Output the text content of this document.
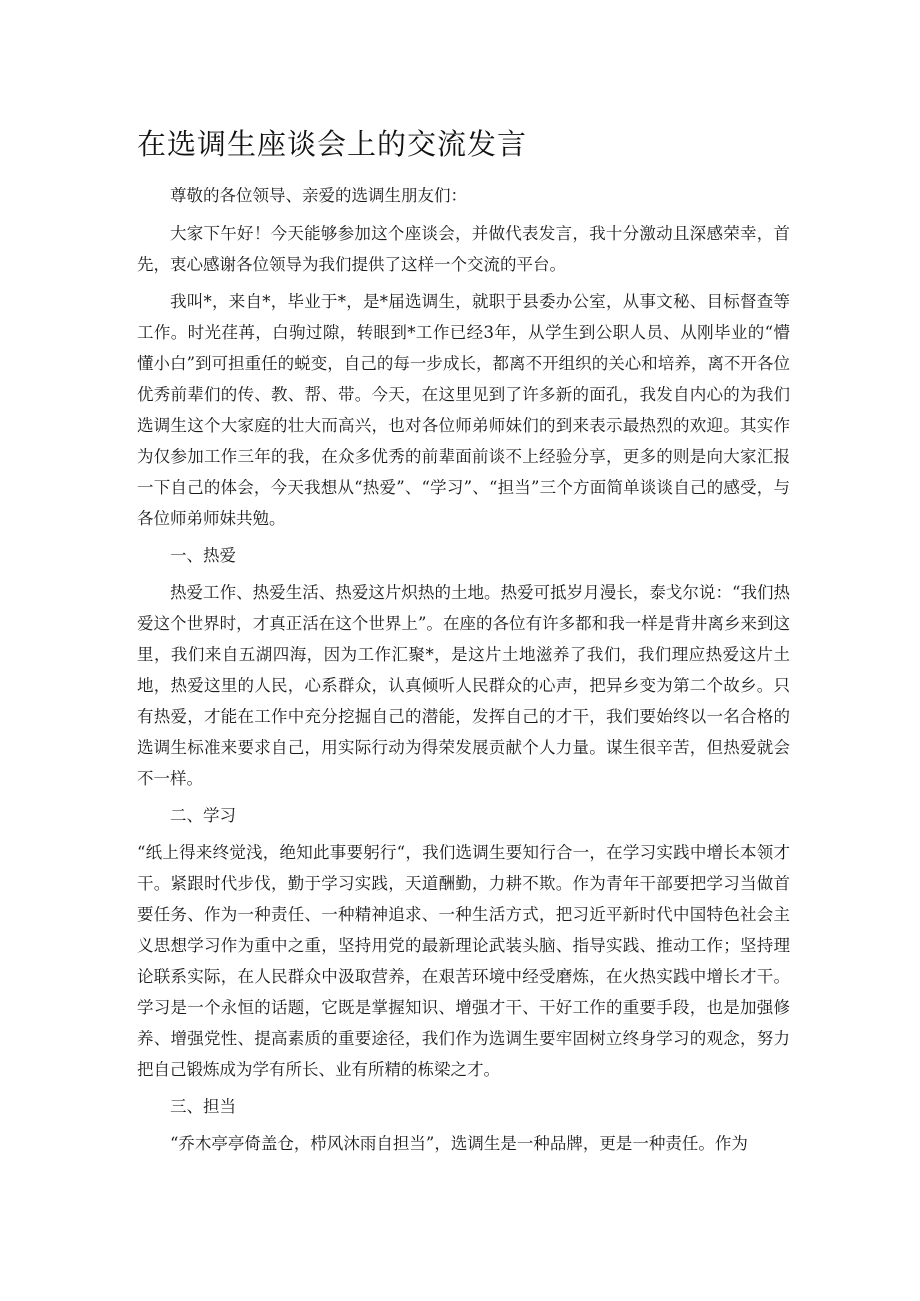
在选调生座谈会上的交流发言

尊敬的各位领导、亲爱的选调生朋友们：

大家下午好！今天能够参加这个座谈会，并做代表发言，我十分激动且深感荣幸，首先，衷心感谢各位领导为我们提供了这样一个交流的平台。

我叫*，来自*，毕业于*，是*届选调生，就职于县委办公室，从事文秘、目标督查等工作。时光荏苒，白驹过隙，转眼到*工作已经3年，从学生到公职人员、从刚毕业的“懵懂小白”到可担重任的蜕变，自己的每一步成长，都离不开组织的关心和培养，离不开各位优秀前辈们的传、教、帮、带。今天，在这里见到了许多新的面孔，我发自内心的为我们选调生这个大家庭的壮大而高兴，也对各位师弟师妹们的到来表示最热烈的欢迎。其实作为仅参加工作三年的我，在众多优秀的前辈面前谈不上经验分享，更多的则是向大家汇报一下自己的体会，今天我想从“热爱”、“学习”、“担当”三个方面简单谈谈自己的感受，与各位师弟师妹共勉。

一、热爱

热爱工作、热爱生活、热爱这片炽热的土地。热爱可抵岁月漫长，泰戈尔说：“我们热爱这个世界时，才真正活在这个世界上”。在座的各位有许多都和我一样是背井离乡来到这里，我们来自五湖四海，因为工作汇聚*，是这片土地滋养了我们，我们理应热爱这片土地，热爱这里的人民，心系群众，认真倾听人民群众的心声，把异乡变为第二个故乡。只有热爱，才能在工作中充分挖掘自己的潜能，发挥自己的才干，我们要始终以一名合格的选调生标准来要求自己，用实际行动为得荣发展贡献个人力量。谋生很辛苦，但热爱就会不一样。

二、学习

“纸上得来终觉浅，绝知此事要躬行“，我们选调生要知行合一，在学习实践中增长本领才干。紧跟时代步伐，勤于学习实践，天道酬勤，力耕不欺。作为青年干部要把学习当做首要任务、作为一种责任、一种精神追求、一种生活方式，把习近平新时代中国特色社会主义思想学习作为重中之重，坚持用党的最新理论武装头脑、指导实践、推动工作；坚持理论联系实际，在人民群众中汲取营养，在艰苦环境中经受磨炼，在火热实践中增长才干。学习是一个永恒的话题，它既是掌握知识、增强才干、干好工作的重要手段，也是加强修养、增强党性、提高素质的重要途径，我们作为选调生要牢固树立终身学习的观念，努力把自己锻炼成为学有所长、业有所精的栋梁之才。

三、担当

“乔木亭亭倚盖仓，栉风沐雨自担当”，选调生是一种品牌，更是一种责任。作为
